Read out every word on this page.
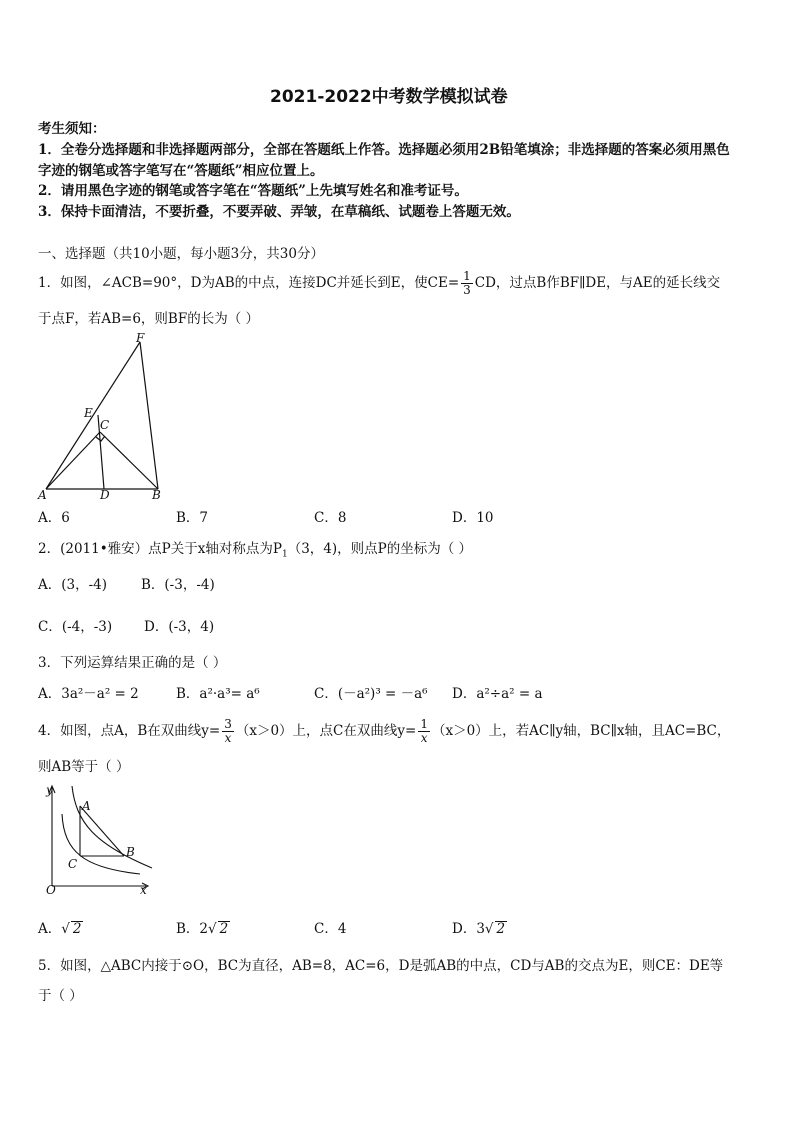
2021-2022中考数学模拟试卷
考生须知：
1．全卷分选择题和非选择题两部分，全部在答题纸上作答。选择题必须用2B铅笔填涂；非选择题的答案必须用黑色
字迹的钢笔或答字笔写在“答题纸”相应位置上。
2．请用黑色字迹的钢笔或答字笔在“答题纸”上先填写姓名和准考证号。
3．保持卡面清洁，不要折叠，不要弄破、弄皱，在草稿纸、试题卷上答题无效。
一、选择题（共10小题，每小题3分，共30分）
1．如图，∠ACB=90°，D为AB的中点，连接DC并延长到E，使$CE= \frac{1}{3}$ CD，过点B作BF∥DE，与AE的延长线交
于点F，若AB=6，则BF的长为（ ）
F
E
C
A	D	B
A．6	B．7	C．8	D．10
2．(2011•雅安）点P关于x轴对称点为$P_1(3$，4)，则点P的坐标为（ ）
A．(3，-4)	B．(-3，-4)
C．(-4，-3) D．(-3，4)
3．下列运算结果正确的是（ ）
A．3a²－a² = 2	B．a²·a³= a⁶	C．(－a²)³ = －a⁶ D．a²÷a² = a
4．如图，点A，B在双曲线$y= \frac{3}{x} (x>0)$上，点C在双曲线$y= \frac{1}{x} (x>0)$上，若AC∥y轴，BC∥x轴，且AC=BC，
则AB等于（ ）
y
A
B
C
O	x
A．√ 2	B．2√ 2	C．4	D．3√ 2
5．如图，△ABC内接于⊙O，BC为直径，AB=8，AC=6，D是弧AB的中点，CD与AB的交点为E，则CE：DE等
于（ ）
